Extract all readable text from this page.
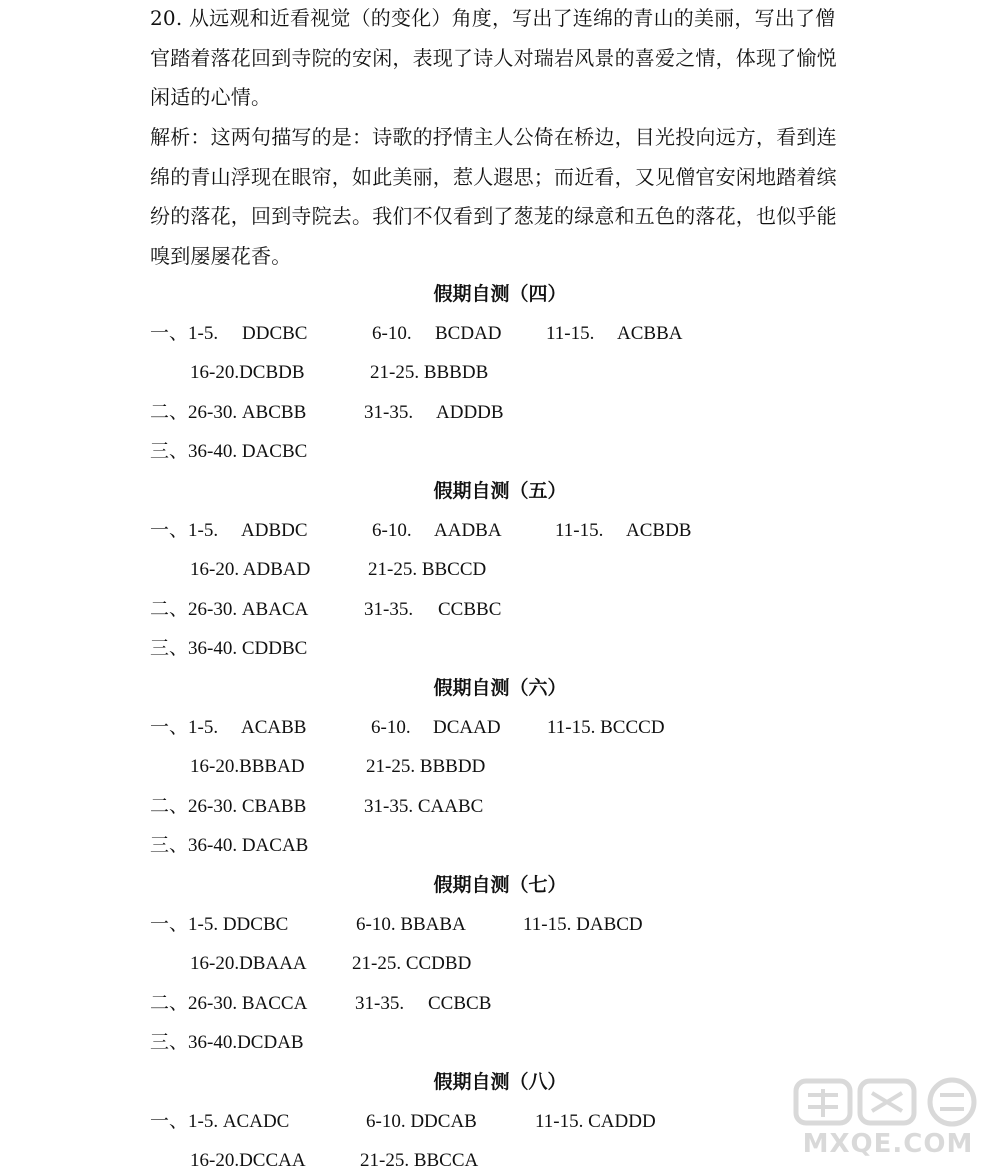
20. 从远观和近看视觉（的变化）角度，写出了连绵的青山的美丽，写出了僧官踏着落花回到寺院的安闲，表现了诗人对瑞岩风景的喜爱之情，体现了愉悦闲适的心情。

解析：这两句描写的是：诗歌的抒情主人公倚在桥边，目光投向远方，看到连绵的青山浮现在眼帘，如此美丽，惹人遐思；而近看，又见僧官安闲地踏着缤纷的落花，回到寺院去。我们不仅看到了葱茏的绿意和五色的落花，也似乎能嗅到屡屡花香。

假期自测（四）
一、1-5. DDCBC	6-10. BCDAD 11-15. ACBBA
16-20.DCBDB	21-25. BBBDB
二、26-30. ABCBB	31-35. ADDDB
三、36-40. DACBC
假期自测（五）
一、1-5. ADBDC	6-10. AADBA	11-15. ACBDB
16-20. ADBAD	21-25. BBCCD
二、26-30. ABACA	31-35. CCBBC
三、36-40. CDDBC
假期自测（六）
一、1-5. ACABB	6-10. DCAAD 11-15. BCCCD
16-20.BBBAD	21-25. BBBDD
二、26-30. CBABB	31-35. CAABC
三、36-40. DACAB
假期自测（七）
一、1-5. DDCBC	6-10. BBABA	11-15. DABCD
16-20.DBAAA 21-25. CCDBD
二、26-30. BACCA	31-35. CCBCB
三、36-40.DCDAB
假期自测（八）
一、1-5. ACADC	6-10. DDCAB	11-15. CADDD
16-20.DCCAA	21-25. BBCCA
MXQE.COM
